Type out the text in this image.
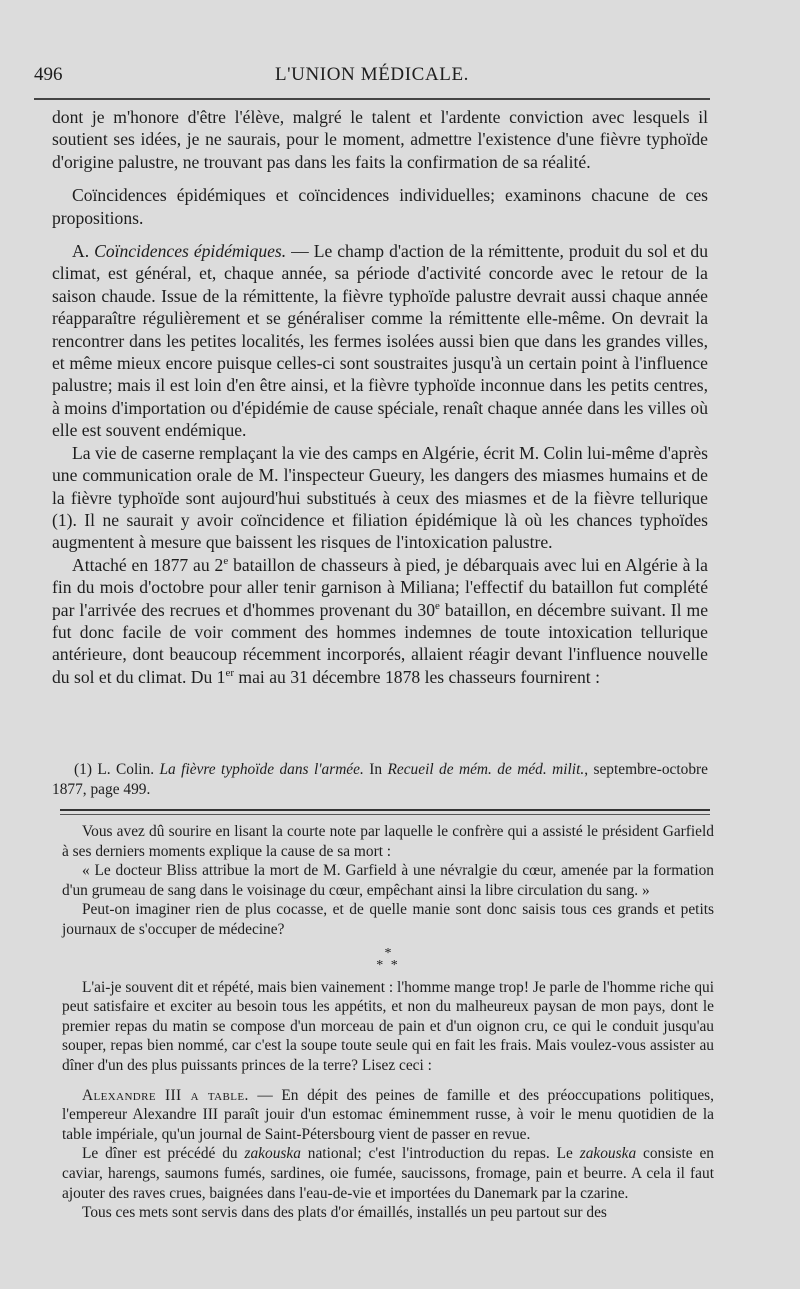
496	L'UNION MÉDICALE.

dont je m'honore d'être l'élève, malgré le talent et l'ardente conviction avec lesquels il soutient ses idées, je ne saurais, pour le moment, admettre l'existence d'une fièvre typhoïde d'origine palustre, ne trouvant pas dans les faits la confirmation de sa réalité.

Coïncidences épidémiques et coïncidences individuelles; examinons chacune de ces propositions.

A. Coïncidences épidémiques. — Le champ d'action de la rémittente, produit du sol et du climat, est général, et, chaque année, sa période d'activité concorde avec le retour de la saison chaude. Issue de la rémittente, la fièvre typhoïde palustre devrait aussi chaque année réapparaître régulièrement et se généraliser comme la rémittente elle-même. On devrait la rencontrer dans les petites localités, les fermes isolées aussi bien que dans les grandes villes, et même mieux encore puisque celles-ci sont soustraites jusqu'à un certain point à l'influence palustre; mais il est loin d'en être ainsi, et la fièvre typhoïde inconnue dans les petits centres, à moins d'importation ou d'épidémie de cause spéciale, renaît chaque année dans les villes où elle est souvent endémique.

La vie de caserne remplaçant la vie des camps en Algérie, écrit M. Colin lui-même d'après une communication orale de M. l'inspecteur Gueury, les dangers des miasmes humains et de la fièvre typhoïde sont aujourd'hui substitués à ceux des miasmes et de la fièvre tellurique (1). Il ne saurait y avoir coïncidence et filiation épidémique là où les chances typhoïdes augmentent à mesure que baissent les risques de l'intoxication palustre.

Attaché en 1877 au 2e bataillon de chasseurs à pied, je débarquais avec lui en Algérie à la fin du mois d'octobre pour aller tenir garnison à Miliana; l'effectif du bataillon fut complété par l'arrivée des recrues et d'hommes provenant du 30e bataillon, en décembre suivant. Il me fut donc facile de voir comment des hommes indemnes de toute intoxication tellurique antérieure, dont beaucoup récemment incorporés, allaient réagir devant l'influence nouvelle du sol et du climat. Du 1er mai au 31 décembre 1878 les chasseurs fournirent :

(1) L. Colin. La fièvre typhoïde dans l'armée. In Recueil de mém. de méd. milit., septembre-octobre 1877, page 499.

Vous avez dû sourire en lisant la courte note par laquelle le confrère qui a assisté le président Garfield à ses derniers moments explique la cause de sa mort :

« Le docteur Bliss attribue la mort de M. Garfield à une névralgie du cœur, amenée par la formation d'un grumeau de sang dans le voisinage du cœur, empêchant ainsi la libre circulation du sang. »

Peut-on imaginer rien de plus cocasse, et de quelle manie sont donc saisis tous ces grands et petits journaux de s'occuper de médecine?

*
* *

L'ai-je souvent dit et répété, mais bien vainement : l'homme mange trop! Je parle de l'homme riche qui peut satisfaire et exciter au besoin tous les appétits, et non du malheureux paysan de mon pays, dont le premier repas du matin se compose d'un morceau de pain et d'un oignon cru, ce qui le conduit jusqu'au souper, repas bien nommé, car c'est la soupe toute seule qui en fait les frais. Mais voulez-vous assister au dîner d'un des plus puissants princes de la terre? Lisez ceci :

Alexandre III a table. — En dépit des peines de famille et des préoccupations politiques, l'empereur Alexandre III paraît jouir d'un estomac éminemment russe, à voir le menu quotidien de la table impériale, qu'un journal de Saint-Pétersbourg vient de passer en revue.

Le dîner est précédé du zakouska national; c'est l'introduction du repas. Le zakouska consiste en caviar, harengs, saumons fumés, sardines, oie fumée, saucissons, fromage, pain et beurre. A cela il faut ajouter des raves crues, baignées dans l'eau-de-vie et importées du Danemark par la czarine.

Tous ces mets sont servis dans des plats d'or émaillés, installés un peu partout sur des
